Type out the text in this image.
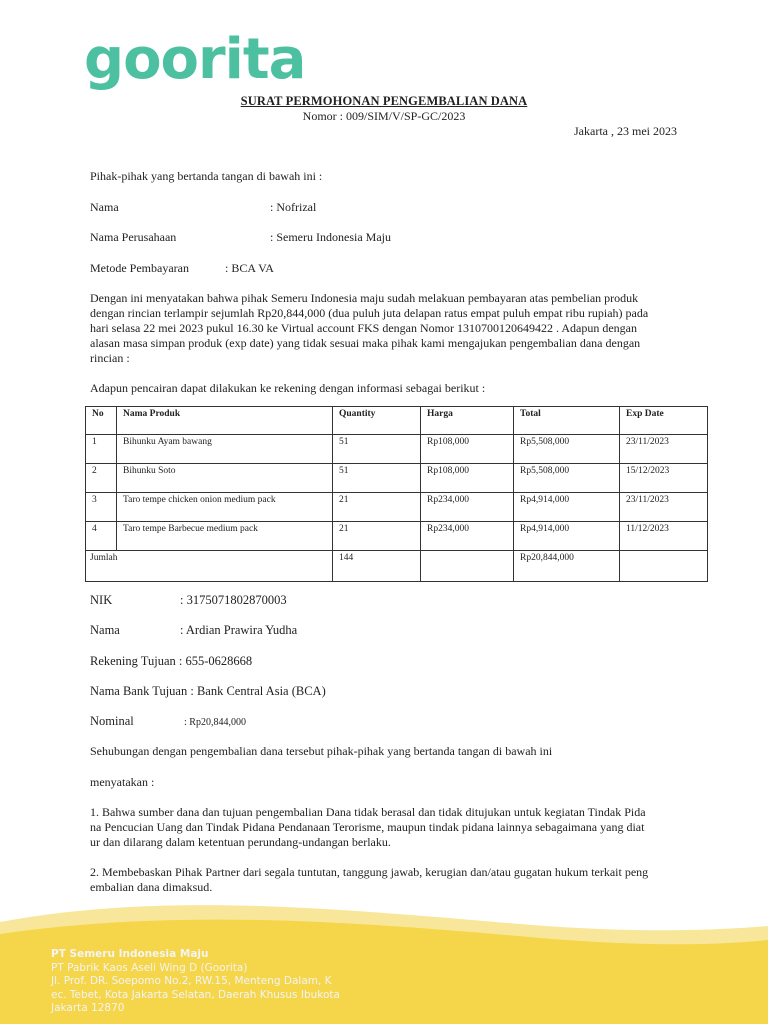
goorita
SURAT PERMOHONAN PENGEMBALIAN DANA
Nomor : 009/SIM/V/SP-GC/2023
Jakarta , 23 mei 2023
Pihak-pihak yang bertanda tangan di bawah ini :
Nama	: Nofrizal
Nama Perusahaan	: Semeru Indonesia Maju
Metode Pembayaran	: BCA VA
Dengan ini menyatakan bahwa pihak Semeru Indonesia maju sudah melakuan pembayaran atas pembelian produk
dengan rincian terlampir sejumlah Rp20,844,000 (dua puluh juta delapan ratus empat puluh empat ribu rupiah) pada
hari selasa 22 mei 2023 pukul 16.30 ke Virtual account FKS dengan Nomor 1310700120649422 . Adapun dengan
alasan masa simpan produk (exp date) yang tidak sesuai maka pihak kami mengajukan pengembalian dana dengan
rincian :
Adapun pencairan dapat dilakukan ke rekening dengan informasi sebagai berikut :
No	Nama Produk	Quantity	Harga	Total	Exp Date
1	Bihunku Ayam bawang	51	Rp108,000	Rp5,508,000	23/11/2023
2	Bihunku Soto	51	Rp108,000	Rp5,508,000	15/12/2023
3	Taro tempe chicken onion medium pack	21	Rp234,000	Rp4,914,000	23/11/2023
4	Taro tempe Barbecue medium pack	21	Rp234,000	Rp4,914,000	11/12/2023
Jumlah		144		Rp20,844,000	
NIK	: 3175071802870003
Nama	: Ardian Prawira Yudha
Rekening Tujuan : 655-0628668
Nama Bank Tujuan : Bank Central Asia (BCA)
Nominal	: Rp20,844,000
Sehubungan dengan pengembalian dana tersebut pihak-pihak yang bertanda tangan di bawah ini
menyatakan :
1. Bahwa sumber dana dan tujuan pengembalian Dana tidak berasal dan tidak ditujukan untuk kegiatan Tindak Pida
na Pencucian Uang dan Tindak Pidana Pendanaan Terorisme, maupun tindak pidana lainnya sebagaimana yang diat
ur dan dilarang dalam ketentuan perundang-undangan berlaku.
2. Membebaskan Pihak Partner dari segala tuntutan, tanggung jawab, kerugian dan/atau gugatan hukum terkait peng
embalian dana dimaksud.
PT Semeru Indonesia Maju
PT Pabrik Kaos Aseli Wing D (Goorita)
Jl. Prof. DR. Soepomo No.2, RW.15, Menteng Dalam, K
ec. Tebet, Kota Jakarta Selatan, Daerah Khusus Ibukota
Jakarta 12870
